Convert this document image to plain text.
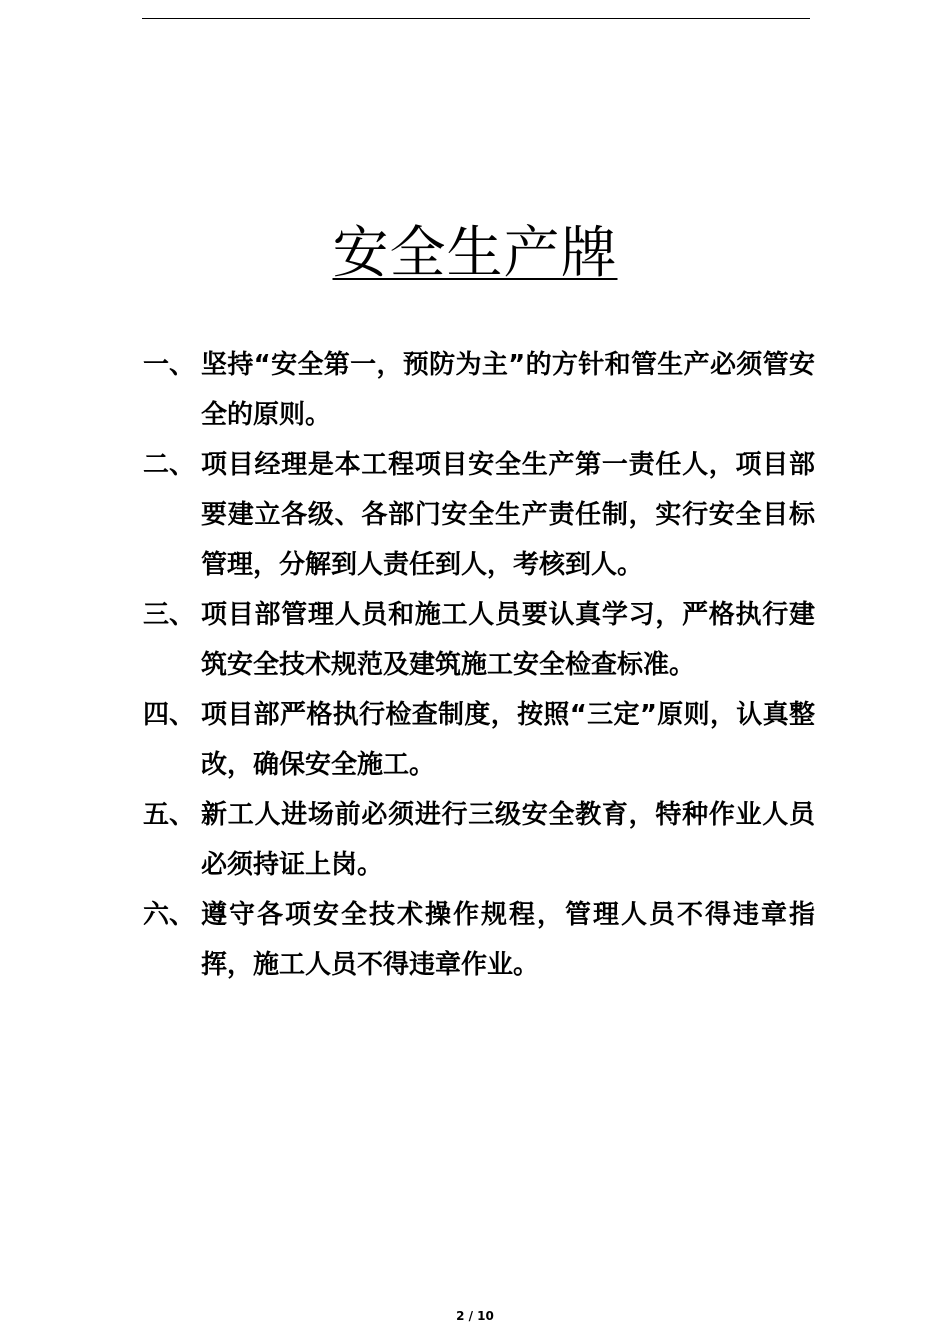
安全生产牌
一、 坚持“安全第一，预防为主”的方针和管生产必须管安全的原则。
二、 项目经理是本工程项目安全生产第一责任人，项目部要建立各级、各部门安全生产责任制，实行安全目标管理，分解到人责任到人，考核到人。
三、 项目部管理人员和施工人员要认真学习，严格执行建筑安全技术规范及建筑施工安全检查标准。
四、 项目部严格执行检查制度，按照“三定”原则，认真整改，确保安全施工。
五、 新工人进场前必须进行三级安全教育，特种作业人员必须持证上岗。
六、 遵守各项安全技术操作规程，管理人员不得违章指挥，施工人员不得违章作业。
2 / 10
